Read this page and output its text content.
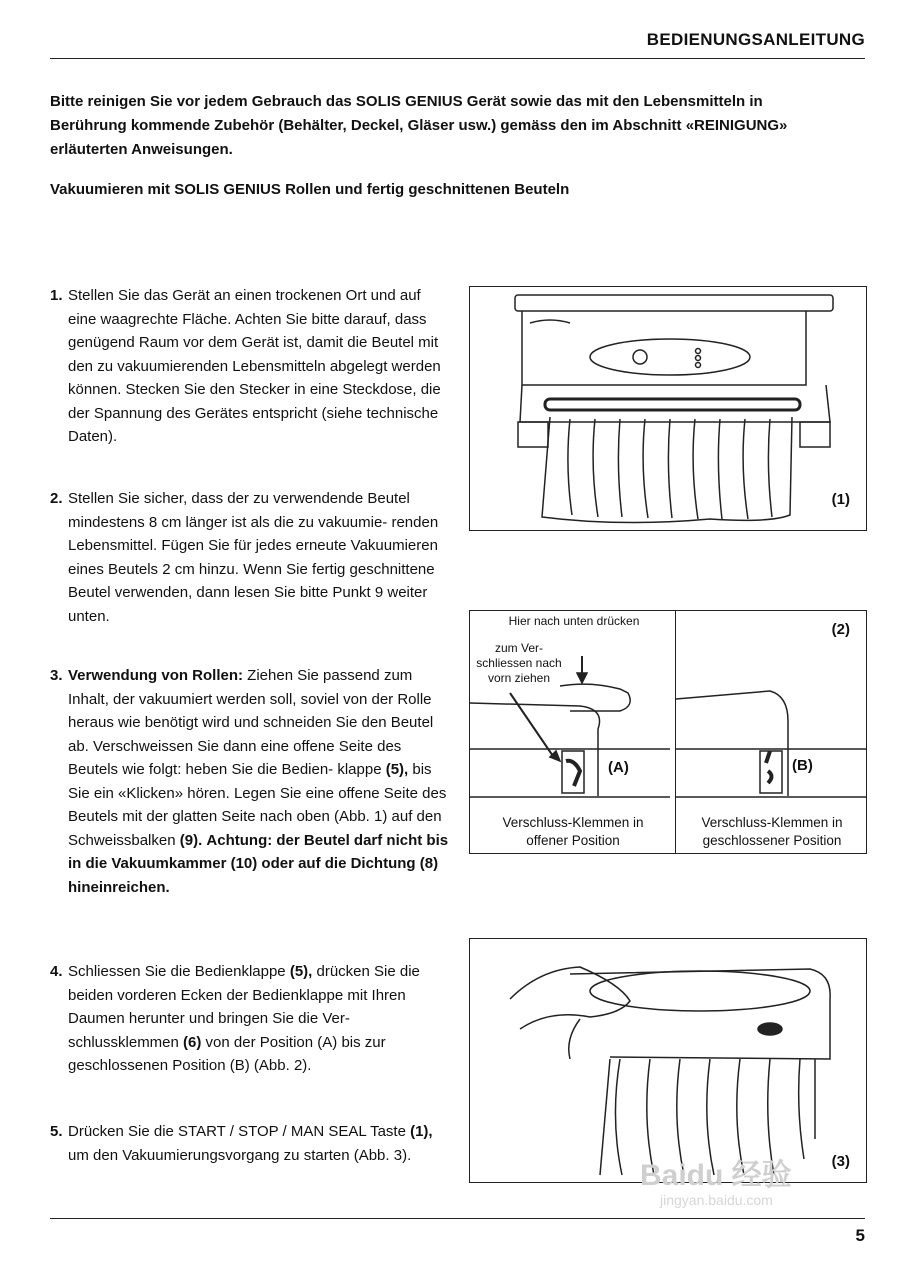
BEDIENUNGSANLEITUNG
Bitte reinigen Sie vor jedem Gebrauch das SOLIS GENIUS Gerät sowie das mit den Lebensmitteln in Berührung kommende Zubehör (Behälter, Deckel, Gläser usw.) gemäss den im Abschnitt «REINIGUNG» erläuterten Anweisungen.
Vakuumieren mit SOLIS GENIUS Rollen und fertig geschnittenen Beuteln
1. Stellen Sie das Gerät an einen trockenen Ort und auf eine waagrechte Fläche. Achten Sie bitte darauf, dass genügend Raum vor dem Gerät ist, damit die Beutel mit den zu vakuumierenden Lebensmitteln abgelegt werden können. Stecken Sie den Stecker in eine Steckdose, die der Spannung des Gerätes entspricht (siehe technische Daten).
2. Stellen Sie sicher, dass der zu verwendende Beutel mindestens 8 cm länger ist als die zu vakuumie- renden Lebensmittel. Fügen Sie für jedes erneute Vakuumieren eines Beutels 2 cm hinzu. Wenn Sie fertig geschnittene Beutel verwenden, dann lesen Sie bitte Punkt 9 weiter unten.
3. Verwendung von Rollen: Ziehen Sie passend zum Inhalt, der vakuumiert werden soll, soviel von der Rolle heraus wie benötigt wird und schneiden Sie den Beutel ab. Verschweissen Sie dann eine offene Seite des Beutels wie folgt: heben Sie die Bedien- klappe (5), bis Sie ein «Klicken» hören. Legen Sie eine offene Seite des Beutels mit der glatten Seite nach oben (Abb. 1) auf den Schweissbalken (9). Achtung: der Beutel darf nicht bis in die Vakuumkammer (10) oder auf die Dichtung (8) hineinreichen.
4. Schliessen Sie die Bedienklappe (5), drücken Sie die beiden vorderen Ecken der Bedienklappe mit Ihren Daumen herunter und bringen Sie die Ver- schlussklemmen (6) von der Position (A) bis zur geschlossenen Position (B) (Abb. 2).
5. Drücken Sie die START / STOP / MAN SEAL Taste (1), um den Vakuumierungsvorgang zu starten (Abb. 3).
(1)
Hier nach unten drücken
zum Ver- schliessen nach vorn ziehen
(A)	(B)
(2)
Verschluss-Klemmen in offener Position
Verschluss-Klemmen in geschlossener Position
(3)
Baidu 经验
jingyan.baidu.com
5
